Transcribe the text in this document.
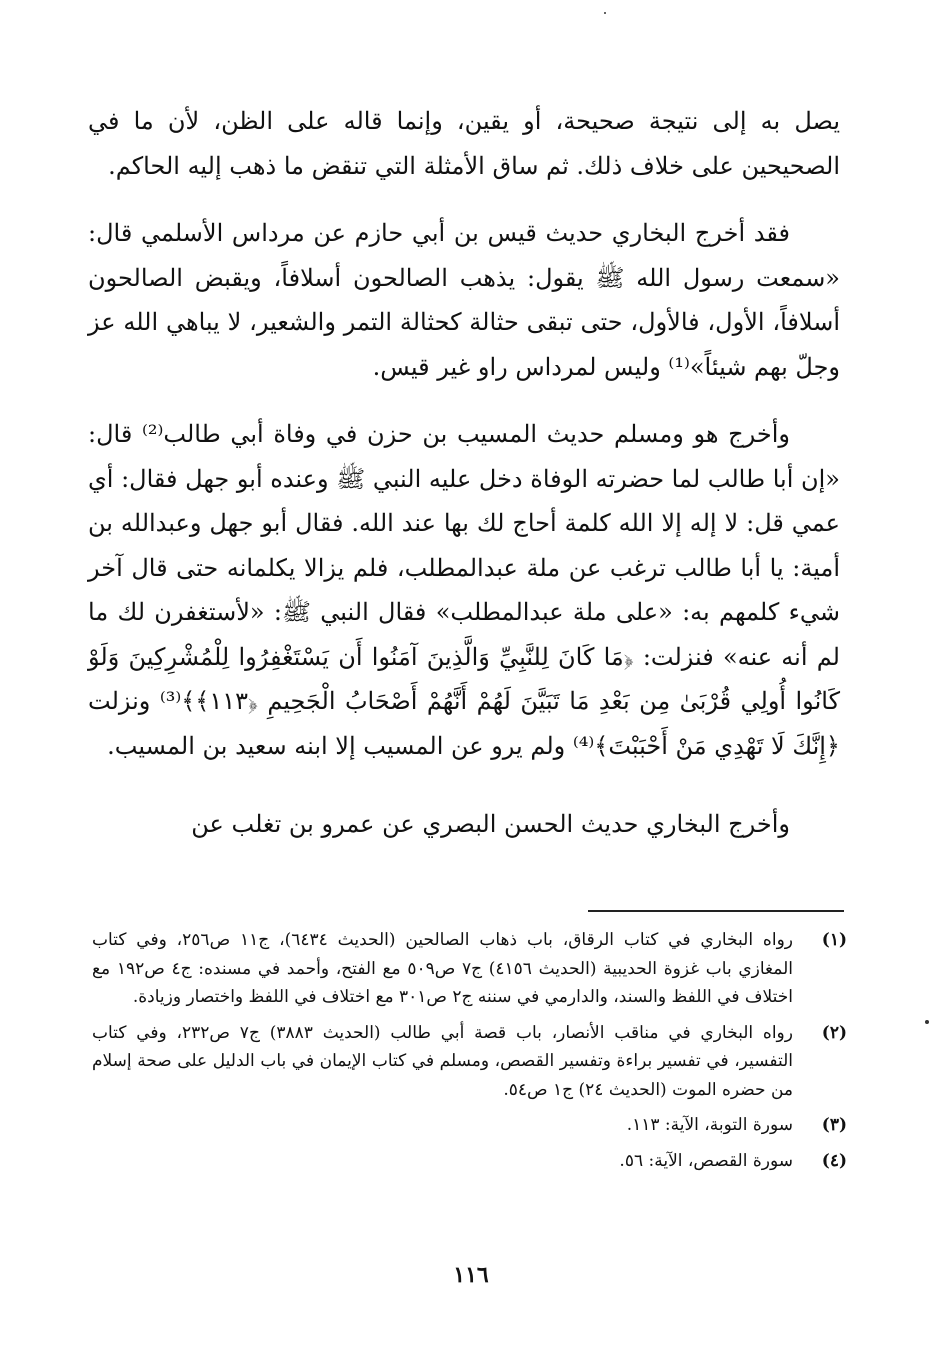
يصل به إلى نتيجة صحيحة، أو يقين، وإنما قاله على الظن، لأن ما في الصحيحين على خلاف ذلك. ثم ساق الأمثلة التي تنقض ما ذهب إليه الحاكم.

فقد أخرج البخاري حديث قيس بن أبي حازم عن مرداس الأسلمي قال: «سمعت رسول الله ﷺ يقول: يذهب الصالحون أسلافاً، ويقبض الصالحون أسلافاً، الأول، فالأول، حتى تبقى حثالة كحثالة التمر والشعير، لا يباهي الله عز وجلّ بهم شيئاً»⁽¹⁾ وليس لمرداس راو غير قيس.

وأخرج هو ومسلم حديث المسيب بن حزن في وفاة أبي طالب⁽²⁾ قال: «إن أبا طالب لما حضرته الوفاة دخل عليه النبي ﷺ وعنده أبو جهل فقال: أي عمي قل: لا إله إلا الله كلمة أحاج لك بها عند الله. فقال أبو جهل وعبدالله بن أمية: يا أبا طالب ترغب عن ملة عبدالمطلب، فلم يزالا يكلمانه حتى قال آخر شيء كلمهم به: «على ملة عبدالمطلب» فقال النبي ﷺ: «لأستغفرن لك ما لم أنه عنه» فنزلت: ﴿مَا كَانَ لِلنَّبِيِّ وَالَّذِينَ آمَنُوا أَن يَسْتَغْفِرُوا لِلْمُشْرِكِينَ وَلَوْ كَانُوا أُولِي قُرْبَىٰ مِن بَعْدِ مَا تَبَيَّنَ لَهُمْ أَنَّهُمْ أَصْحَابُ الْجَحِيمِ ﴿١١٣﴾﴾⁽³⁾ ونزلت ﴿إِنَّكَ لَا تَهْدِي مَنْ أَحْبَبْتَ﴾⁽⁴⁾ ولم يرو عن المسيب إلا ابنه سعيد بن المسيب.

وأخرج البخاري حديث الحسن البصري عن عمرو بن تغلب عن

(١)
رواه البخاري في كتاب الرقاق، باب ذهاب الصالحين (الحديث ٦٤٣٤)، ج١١ ص٢٥٦، وفي كتاب المغازي باب غزوة الحديبية (الحديث ٤١٥٦) ج٧ ص٥٠٩ مع الفتح، وأحمد في مسنده: ج٤ ص١٩٢ مع اختلاف في اللفظ والسند، والدارمي في سننه ج٢ ص٣٠١ مع اختلاف في اللفظ واختصار وزيادة.
(٢)
رواه البخاري في مناقب الأنصار، باب قصة أبي طالب (الحديث ٣٨٨٣) ج٧ ص٢٣٢، وفي كتاب التفسير، في تفسير براءة وتفسير القصص، ومسلم في كتاب الإيمان في باب الدليل على صحة إسلام من حضره الموت (الحديث ٢٤) ج١ ص٥٤.
(٣)
سورة التوبة، الآية: ١١٣.
(٤)
سورة القصص، الآية: ٥٦.
١١٦
